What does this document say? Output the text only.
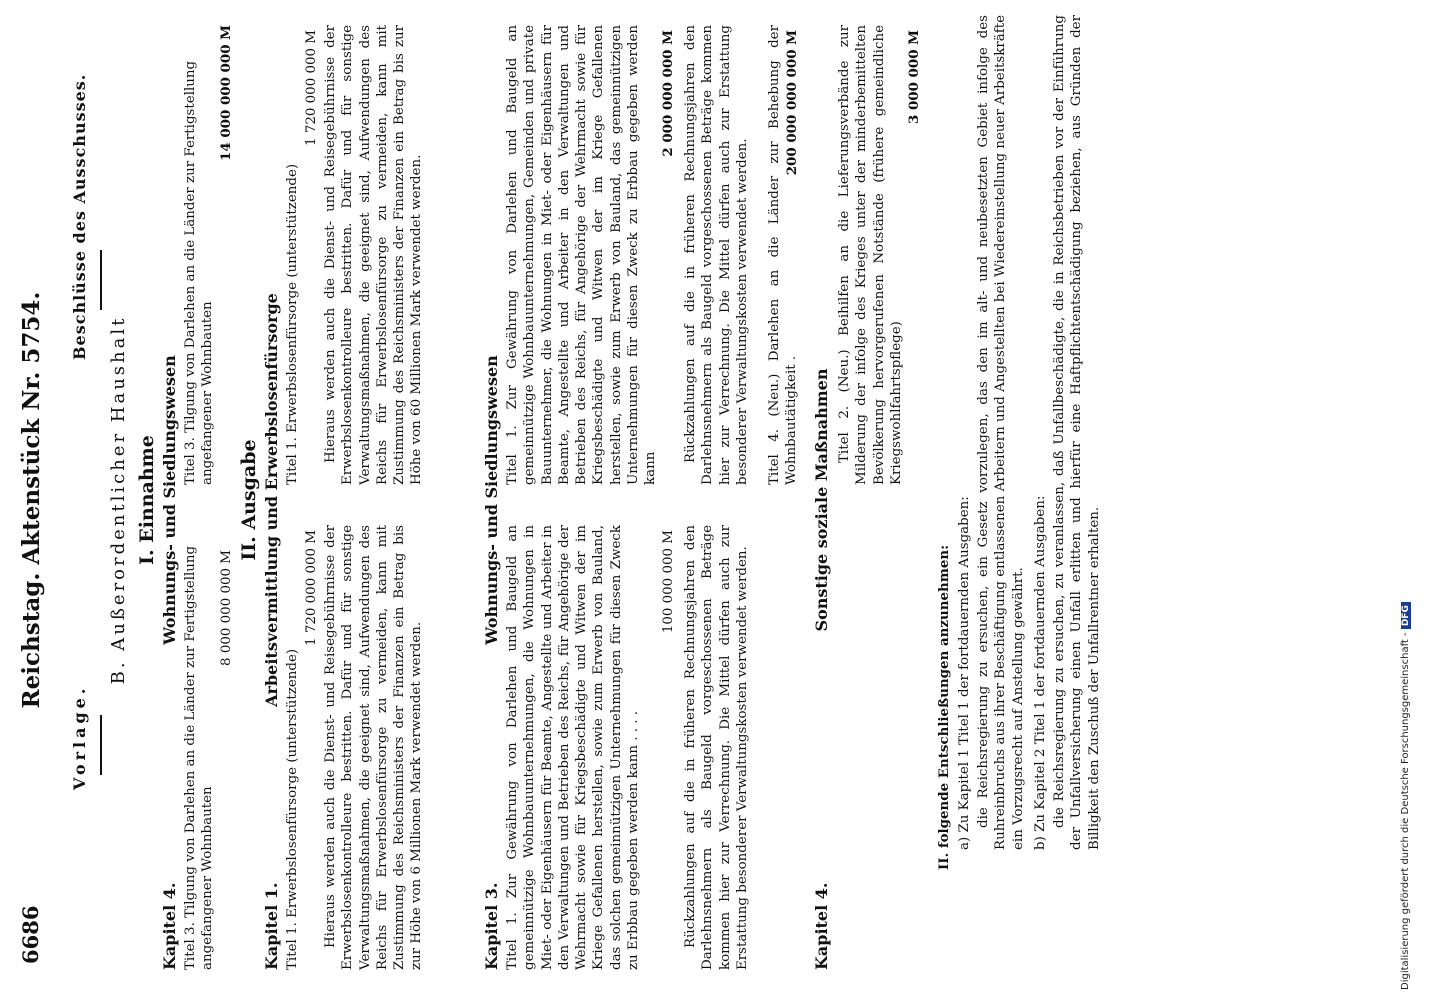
6686
Reichstag. Aktenstück Nr. 5754.
Vorlage.
Beschlüsse des Ausschusses.
B. Außerordentlicher Haushalt I. Einnahme Wohnungs- und Siedlungswesen
Kapitel 4. Titel 3. Tilgung von Darlehen an die Länder zur Fertigstellung angefangener Wohnbauten
8 000 000 000 M
Titel 3. Tilgung von Darlehen an die Länder zur Fertigstellung angefangener Wohnbauten
14 000 000 000 M
II. Ausgabe Arbeitsvermittlung und Erwerbslosenfürsorge
Kapitel 1. Titel 1. Erwerbslosenfürsorge (unterstützende)
1 720 000 000 M Hieraus werden auch die Dienst- und Reisegebührnisse der Erwerbslosenkontrolleure bestritten. Dafür und für sonstige Verwaltungsmaßnahmen, die geeignet sind, Aufwendungen des Reichs für Erwerbslosenfürsorge zu vermeiden, kann mit Zustimmung des Reichsministers der Finanzen ein Betrag bis zur Höhe von 6 Millionen Mark verwendet werden.

Titel 1. Erwerbslosenfürsorge (unterstützende)
1 720 000 000 M Hieraus werden auch die Dienst- und Reisegebührnisse der Erwerbslosenkontrolleure bestritten. Dafür und für sonstige Verwaltungsmaßnahmen, die geeignet sind, Aufwendungen des Reichs für Erwerbslosenfürsorge zu vermeiden, kann mit Zustimmung des Reichsministers der Finanzen ein Betrag bis zur Höhe von 60 Millionen Mark verwendet werden.

Wohnungs- und Siedlungswesen
Kapitel 3. Titel 1. Zur Gewährung von Darlehen und Baugeld an gemeinnützige Wohnbauunternehmungen, die Wohnungen in Miet- oder Eigenhäusern für Beamte, Angestellte und Arbeiter in den Verwaltungen und Betrieben des Reichs, für Angehörige der Wehrmacht sowie für Kriegsbeschädigte und Witwen der im Kriege Gefallenen herstellen, sowie zum Erwerb von Bauland, das solchen gemeinnützigen Unternehmungen für diesen Zweck zu Erbbau gegeben werden kann . . . .

100 000 000 M Rückzahlungen auf die in früheren Rechnungsjahren den Darlehnsnehmern als Baugeld vorgeschossenen Beträge kommen hier zur Verrechnung. Die Mittel dürfen auch zur Erstattung besonderer Verwaltungskosten verwendet werden.

Titel 1. Zur Gewährung von Darlehen und Baugeld an gemeinnützige Wohnbauunternehmungen, Gemeinden und private Bauunternehmer, die Wohnungen in Miet- oder Eigenhäusern für Beamte, Angestellte und Arbeiter in den Verwaltungen und Betrieben des Reichs, für Angehörige der Wehrmacht sowie für Kriegsbeschädigte und Witwen der im Kriege Gefallenen herstellen, sowie zum Erwerb von Bauland, das gemeinnützigen Unternehmungen für diesen Zweck zu Erbbau gegeben werden kann

2 000 000 000 M Rückzahlungen auf die in früheren Rechnungsjahren den Darlehnsnehmern als Baugeld vorgeschossenen Beträge kommen hier zur Verrechnung. Die Mittel dürfen auch zur Erstattung besonderer Verwaltungskosten verwendet werden. Titel 4. (Neu.) Darlehen an die Länder zur Behebung der Wohnbautätigkeit .

200 000 000 000 M
Sonstige soziale Maßnahmen
Kapitel 4.

Titel 2. (Neu.) Beihilfen an die Lieferungsverbände zur Milderung der infolge des Krieges unter der minderbemittelten Bevölkerung hervorgerufenen Notstände (frühere gemeindliche Kriegswohlfahrtspflege)

3 000 000 M
II. folgende Entschließungen anzunehmen: a) Zu Kapitel 1 Titel 1 der fortdauernden Ausgaben: die Reichsregierung zu ersuchen, ein Gesetz vorzulegen, das den im alt- und neubesetzten Gebiet infolge des Ruhreinbruchs aus ihrer Beschäftigung entlassenen Arbeitern und Angestellten bei Wiedereinstellung neuer Arbeitskräfte ein Vorzugsrecht auf Anstellung gewährt. b) Zu Kapitel 2 Titel 1 der fortdauernden Ausgaben: die Reichsregierung zu ersuchen, zu veranlassen, daß Unfallbeschädigte, die in Reichsbetrieben vor der Einführung der Unfallversicherung einen Unfall erlitten und hierfür eine Haftpflichtentschädigung beziehen, aus Gründen der Billigkeit den Zuschuß der Unfallrentner erhalten.	Digitalisierung gefördert durch die Deutsche Forschungsgemeinschaft - DFG
